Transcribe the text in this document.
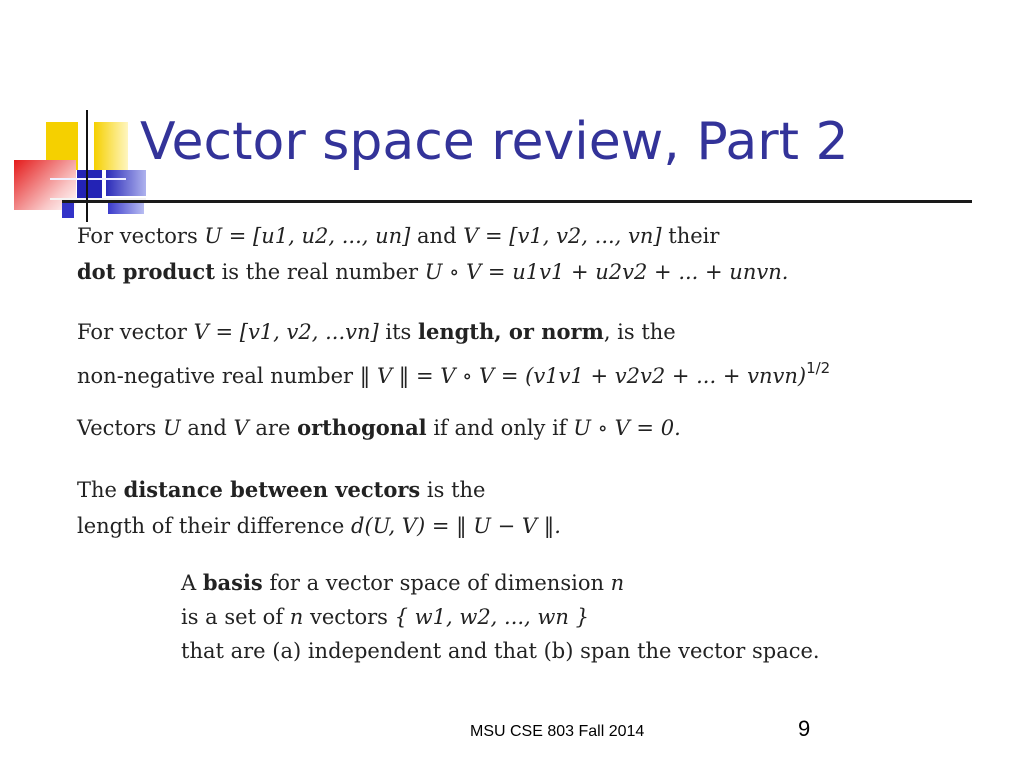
Vector space review, Part 2
For vectors U = [u1, u2, ..., un] and V = [v1, v2, ..., vn] their
dot product is the real number U ∘ V = u1v1 + u2v2 + ... + unvn.
For vector V = [v1, v2, ...vn] its length, or norm, is the
non-negative real number ‖ V ‖ = V ∘ V = (v1v1 + v2v2 + ... + vnvn)$^{1/2}$
Vectors U and V are orthogonal if and only if U ∘ V = 0.
The distance between vectors is the
length of their difference d(U, V) = ‖ U − V ‖.
A basis for a vector space of dimension n
is a set of n vectors { w1, w2, ..., wn }
that are (a) independent and that (b) span the vector space.
MSU CSE 803 Fall 2014	9
